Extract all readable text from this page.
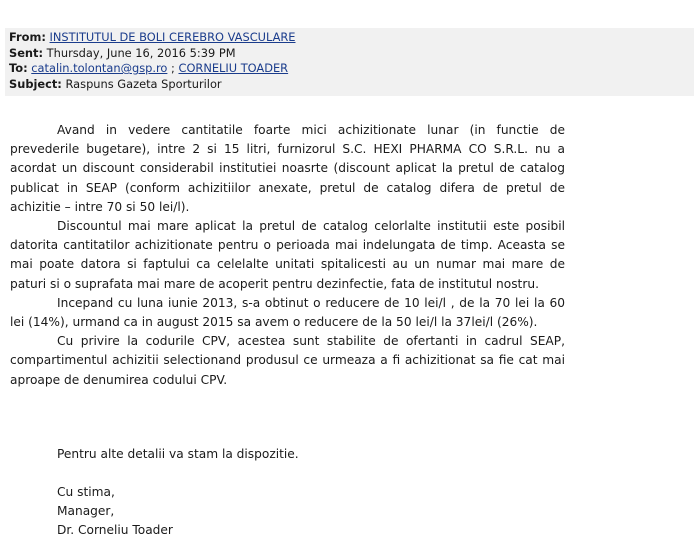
From: INSTITUTUL DE BOLI CEREBRO VASCULARE
Sent: Thursday, June 16, 2016 5:39 PM
To: catalin.tolontan@gsp.ro ; CORNELIU TOADER
Subject: Raspuns Gazeta Sporturilor

Avand in vedere cantitatile foarte mici achizitionate lunar (in functie de prevederile bugetare), intre 2 si 15 litri, furnizorul S.C. HEXI PHARMA CO S.R.L. nu a acordat un discount considerabil institutiei noasrte (discount aplicat la pretul de catalog publicat in SEAP (conform achizitiilor anexate, pretul de catalog difera de pretul de achizitie – intre 70 si 50 lei/l).

Discountul mai mare aplicat la pretul de catalog celorlalte institutii este posibil datorita cantitatilor achizitionate pentru o perioada mai indelungata de timp. Aceasta se mai poate datora si faptului ca celelalte unitati spitalicesti au un numar mai mare de paturi si o suprafata mai mare de acoperit pentru dezinfectie, fata de institutul nostru.

Incepand cu luna iunie 2013, s-a obtinut o reducere de 10 lei/l , de la 70 lei la 60 lei (14%), urmand ca in august 2015 sa avem o reducere de la 50 lei/l la 37lei/l (26%).

Cu privire la codurile CPV, acestea sunt stabilite de ofertanti in cadrul SEAP, compartimentul achizitii selectionand produsul ce urmeaza a fi achizitionat sa fie cat mai aproape de denumirea codului CPV.

Pentru alte detalii va stam la dispozitie.
Cu stima,
Manager,
Dr. Corneliu Toader
